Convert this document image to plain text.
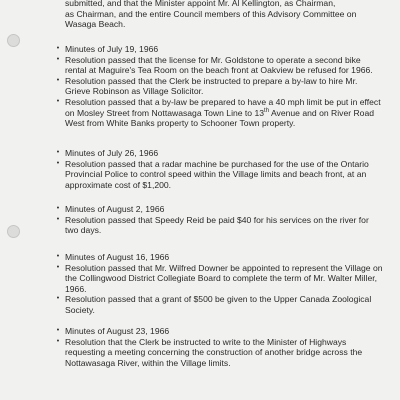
submitted, and that the Minister appoint Mr. Al Kellington, as Chairman,
as Chairman, and the entire Council members of this Advisory Committee on
Wasaga Beach.

• Minutes of July 19, 1966

• Resolution passed that the license for Mr. Goldstone to operate a second bike rental at Maguire's Tea Room on the beach front at Oakview be refused for 1966.

• Resolution passed that the Clerk be instructed to prepare a by-law to hire Mr. Grieve Robinson as Village Solicitor.

• Resolution passed that a by-law be prepared to have a 40 mph limit be put in effect on Mosley Street from Nottawasaga Town Line to 13th Avenue and on River Road West from White Banks property to Schooner Town property.

• Minutes of July 26, 1966

• Resolution passed that a radar machine be purchased for the use of the Ontario Provincial Police to control speed within the Village limits and beach front, at an approximate cost of $1,200.

• Minutes of August 2, 1966

• Resolution passed that Speedy Reid be paid $40 for his services on the river for two days.

• Minutes of August 16, 1966

• Resolution passed that Mr. Wilfred Downer be appointed to represent the Village on the Collingwood District Collegiate Board to complete the term of Mr. Walter Miller, 1966.

• Resolution passed that a grant of $500 be given to the Upper Canada Zoological Society.

• Minutes of August 23, 1966

• Resolution that the Clerk be instructed to write to the Minister of Highways requesting a meeting concerning the construction of another bridge across the Nottawasaga River, within the Village limits.
